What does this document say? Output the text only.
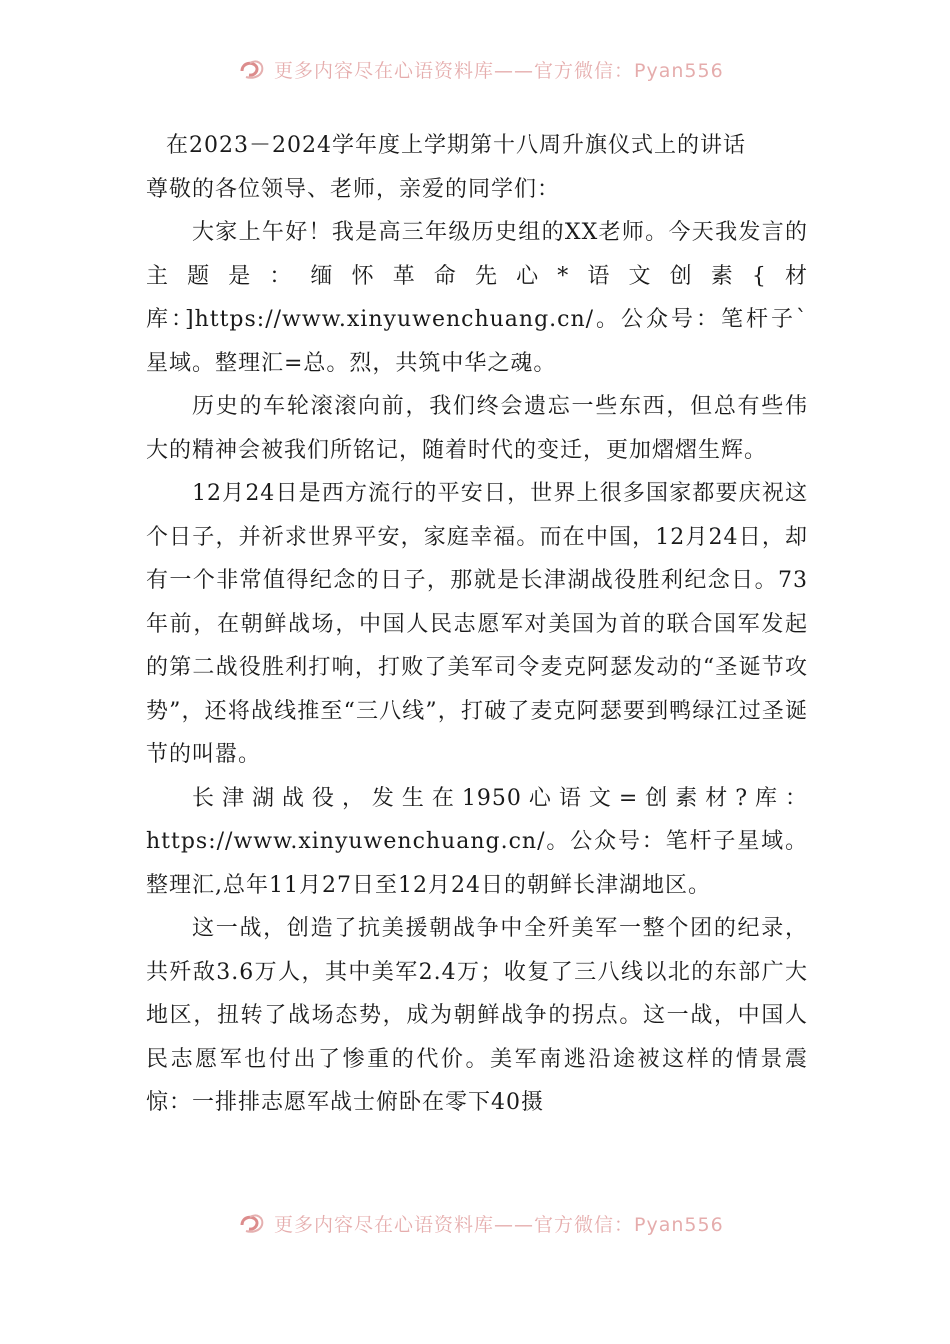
更多内容尽在心语资料库——官方微信：Pyan556

在2023－2024学年度上学期第十八周升旗仪式上的讲话

尊敬的各位领导、老师，亲爱的同学们：

大家上午好！我是高三年级历史组的XX老师。今天我发言的主题是：缅怀革命先心*语文创素{材库：]https://www.xinyuwenchuang.cn/。公众号：笔杆子`星域。整理汇=总。烈，共筑中华之魂。

历史的车轮滚滚向前，我们终会遗忘一些东西，但总有些伟大的精神会被我们所铭记，随着时代的变迁，更加熠熠生辉。

12月24日是西方流行的平安日，世界上很多国家都要庆祝这个日子，并祈求世界平安，家庭幸福。而在中国，12月24日，却有一个非常值得纪念的日子，那就是长津湖战役胜利纪念日。73年前，在朝鲜战场，中国人民志愿军对美国为首的联合国军发起的第二战役胜利打响，打败了美军司令麦克阿瑟发动的“圣诞节攻势”，还将战线推至“三八线”，打破了麦克阿瑟要到鸭绿江过圣诞节的叫嚣。

长津湖战役，发生在1950心语文=创素材?库：https://www.xinyuwenchuang.cn/。公众号：笔杆子星域。整理汇,总年11月27日至12月24日的朝鲜长津湖地区。

这一战，创造了抗美援朝战争中全歼美军一整个团的纪录，共歼敌3.6万人，其中美军2.4万；收复了三八线以北的东部广大地区，扭转了战场态势，成为朝鲜战争的拐点。这一战，中国人民志愿军也付出了惨重的代价。美军南逃沿途被这样的情景震惊：一排排志愿军战士俯卧在零下40摄

更多内容尽在心语资料库——官方微信：Pyan556
